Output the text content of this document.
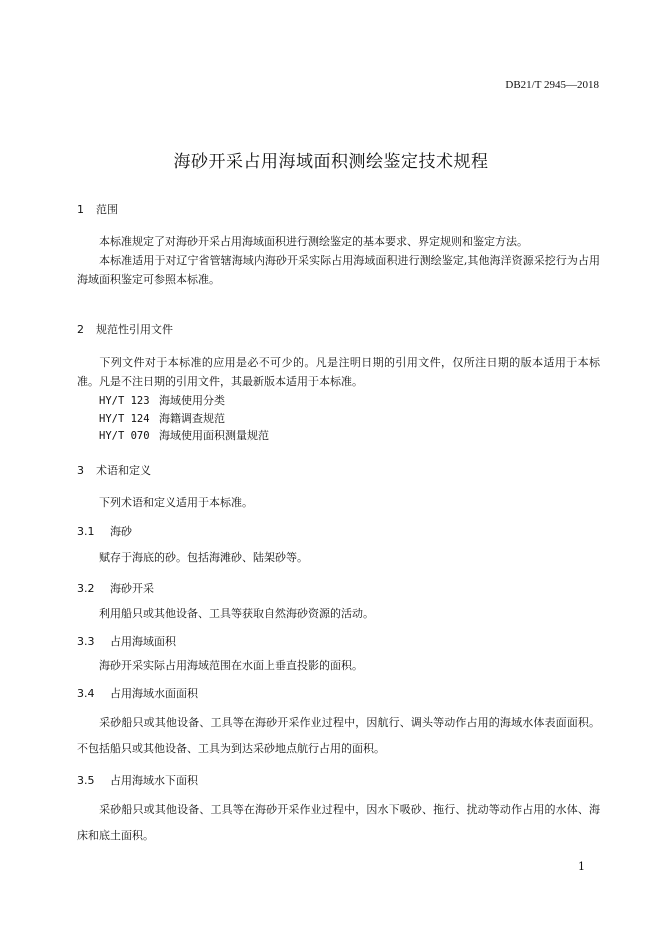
DB21/T 2945—2018
海砂开采占用海域面积测绘鉴定技术规程
1 范围
本标准规定了对海砂开采占用海域面积进行测绘鉴定的基本要求、界定规则和鉴定方法。
本标准适用于对辽宁省管辖海域内海砂开采实际占用海域面积进行测绘鉴定,其他海洋资源采挖行为占用海域面积鉴定可参照本标准。
2 规范性引用文件
下列文件对于本标准的应用是必不可少的。凡是注明日期的引用文件，仅所注日期的版本适用于本标准。凡是不注日期的引用文件，其最新版本适用于本标准。
HY/T 123 海域使用分类
HY/T 124 海籍调查规范
HY/T 070 海域使用面积测量规范
3 术语和定义
下列术语和定义适用于本标准。
3.1 海砂
赋存于海底的砂。包括海滩砂、陆架砂等。
3.2 海砂开采
利用船只或其他设备、工具等获取自然海砂资源的活动。
3.3 占用海域面积
海砂开采实际占用海域范围在水面上垂直投影的面积。
3.4 占用海域水面面积
采砂船只或其他设备、工具等在海砂开采作业过程中，因航行、调头等动作占用的海域水体表面面积。不包括船只或其他设备、工具为到达采砂地点航行占用的面积。
3.5 占用海域水下面积
采砂船只或其他设备、工具等在海砂开采作业过程中，因水下吸砂、拖行、扰动等动作占用的水体、海床和底土面积。
1
